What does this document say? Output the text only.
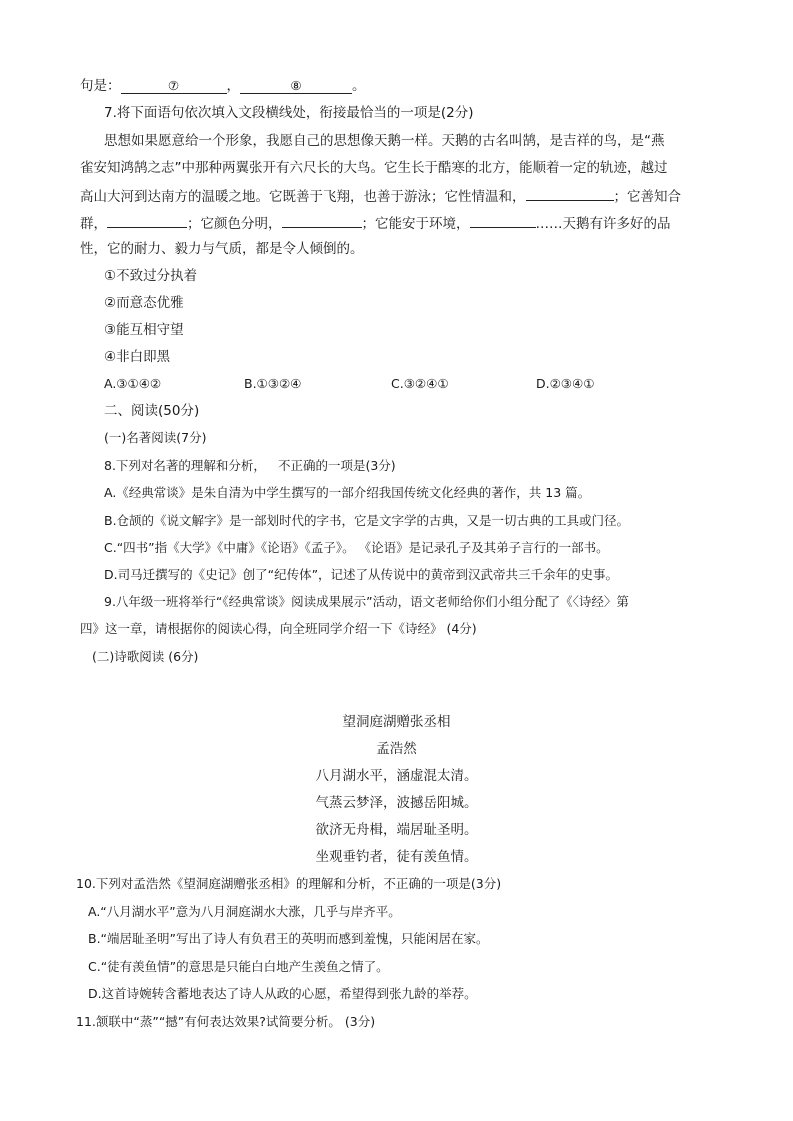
句是：	⑦	，	⑧	。
7.将下面语句依次填入文段横线处，衔接最恰当的一项是(2分)
思想如果愿意给一个形象，我愿自己的思想像天鹅一样。天鹅的古名叫鹄，是吉祥的鸟，是“燕
雀安知鸿鹄之志”中那种两翼张开有六尺长的大鸟。它生长于酷寒的北方，能顺着一定的轨迹，越过
高山大河到达南方的温暖之地。它既善于飞翔，也善于游泳；它性情温和，	；它善知合
群，	；它颜色分明，	；它能安于环境，	……天鹅有许多好的品
性，它的耐力、毅力与气质，都是令人倾倒的。
①不致过分执着
②而意态优雅
③能互相守望
④非白即黑
A.③①④②	B.①③②④	C.③②④①	D.②③④①
二、阅读(50分)
(一)名著阅读(7分)
8.下列对名著的理解和分析， 不正确的一项是(3分)
A.《经典常谈》是朱自清为中学生撰写的一部介绍我国传统文化经典的著作，共 13 篇。
B.仓颉的《说文解字》是一部划时代的字书，它是文字学的古典，又是一切古典的工具或门径。
C.“四书”指《大学》《中庸》《论语》《孟子》。 《论语》是记录孔子及其弟子言行的一部书。
D.司马迁撰写的《史记》创了“纪传体”，记述了从传说中的黄帝到汉武帝共三千余年的史事。
9.八年级一班将举行“《经典常谈》阅读成果展示”活动，语文老师给你们小组分配了《〈诗经〉第
四》这一章，请根据你的阅读心得，向全班同学介绍一下《诗经》 (4分)
(二)诗歌阅读 (6分)
望洞庭湖赠张丞相
孟浩然
八月湖水平，涵虚混太清。
气蒸云梦泽，波撼岳阳城。
欲济无舟楫，端居耻圣明。
坐观垂钓者，徒有羡鱼情。
10.下列对孟浩然《望洞庭湖赠张丞相》的理解和分析，不正确的一项是(3分)
A.“八月湖水平”意为八月洞庭湖水大涨，几乎与岸齐平。
B.“端居耻圣明”写出了诗人有负君王的英明而感到羞愧，只能闲居在家。
C.“徒有羡鱼情”的意思是只能白白地产生羡鱼之情了。
D.这首诗婉转含蓄地表达了诗人从政的心愿，希望得到张九龄的举荐。
11.颔联中“蒸”“撼”有何表达效果?试简要分析。 (3分)
